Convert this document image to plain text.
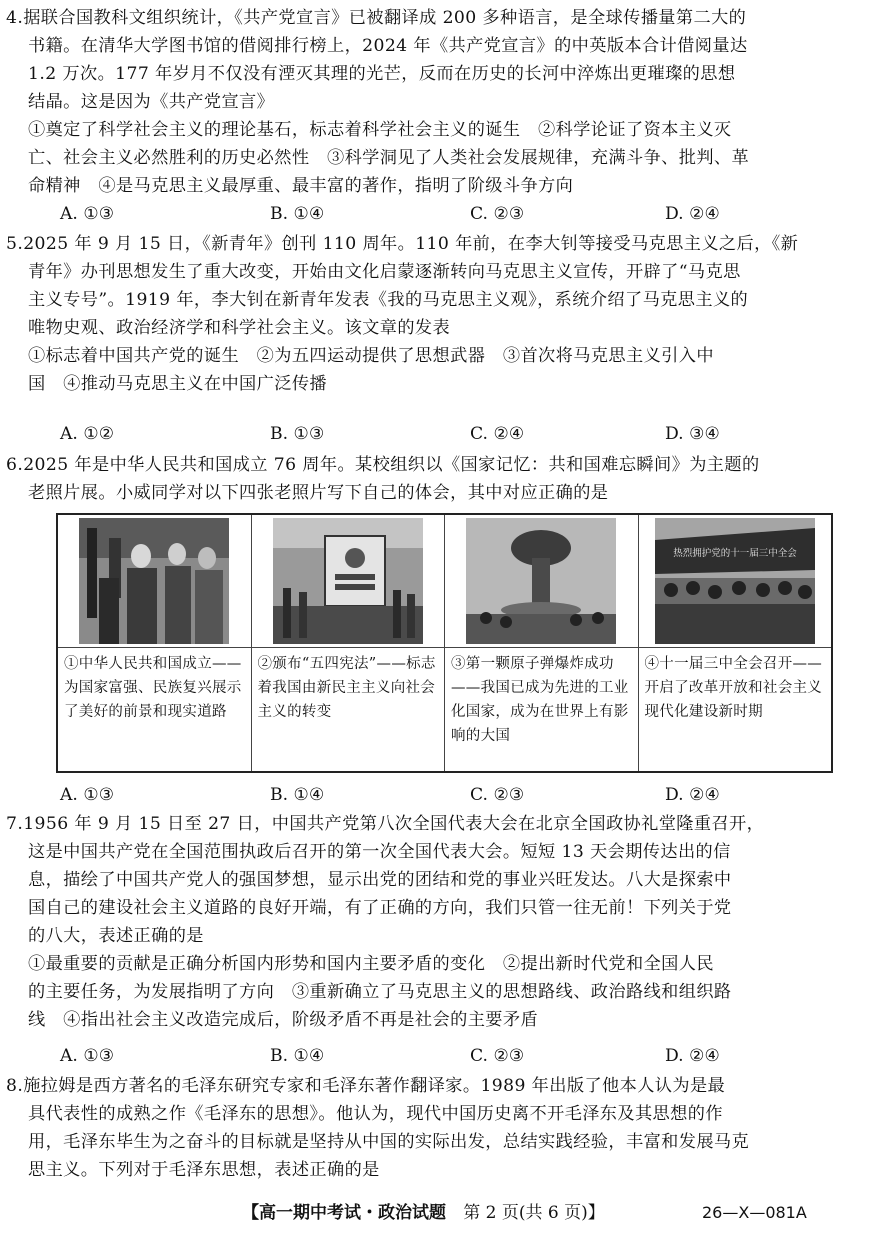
4.据联合国教科文组织统计，《共产党宣言》已被翻译成 200 多种语言，是全球传播量第二大的
书籍。在清华大学图书馆的借阅排行榜上，2024 年《共产党宣言》的中英版本合计借阅量达
1.2 万次。177 年岁月不仅没有湮灭其理的光芒，反而在历史的长河中淬炼出更璀璨的思想
结晶。这是因为《共产党宣言》
①奠定了科学社会主义的理论基石，标志着科学社会主义的诞生　②科学论证了资本主义灭
亡、社会主义必然胜利的历史必然性　③科学洞见了人类社会发展规律，充满斗争、批判、革
命精神　④是马克思主义最厚重、最丰富的著作，指明了阶级斗争方向
A. ①③	B. ①④	C. ②③	D. ②④
5.2025 年 9 月 15 日，《新青年》创刊 110 周年。110 年前，在李大钊等接受马克思主义之后，《新
青年》办刊思想发生了重大改变，开始由文化启蒙逐渐转向马克思主义宣传，开辟了“马克思
主义专号”。1919 年，李大钊在新青年发表《我的马克思主义观》，系统介绍了马克思主义的
唯物史观、政治经济学和科学社会主义。该文章的发表
①标志着中国共产党的诞生　②为五四运动提供了思想武器　③首次将马克思主义引入中
国　④推动马克思主义在中国广泛传播
A. ①②	B. ①③	C. ②④	D. ③④
6.2025 年是中华人民共和国成立 76 周年。某校组织以《国家记忆：共和国难忘瞬间》为主题的
老照片展。小威同学对以下四张老照片写下自己的体会，其中对应正确的是
①中华人民共和国成立——为国家富强、民族复兴展示了美好的前景和现实道路
②颁布“五四宪法”——标志着我国由新民主主义向社会主义的转变
③第一颗原子弹爆炸成功——我国已成为先进的工业化国家，成为在世界上有影响的大国
热烈拥护党的十一届三中全会
④十一届三中全会召开——开启了改革开放和社会主义现代化建设新时期
A. ①③	B. ①④	C. ②③	D. ②④
7.1956 年 9 月 15 日至 27 日，中国共产党第八次全国代表大会在北京全国政协礼堂隆重召开，
这是中国共产党在全国范围执政后召开的第一次全国代表大会。短短 13 天会期传达出的信
息，描绘了中国共产党人的强国梦想，显示出党的团结和党的事业兴旺发达。八大是探索中
国自己的建设社会主义道路的良好开端，有了正确的方向，我们只管一往无前！下列关于党
的八大，表述正确的是
①最重要的贡献是正确分析国内形势和国内主要矛盾的变化　②提出新时代党和全国人民
的主要任务，为发展指明了方向　③重新确立了马克思主义的思想路线、政治路线和组织路
线　④指出社会主义改造完成后，阶级矛盾不再是社会的主要矛盾
A. ①③	B. ①④	C. ②③	D. ②④
8.施拉姆是西方著名的毛泽东研究专家和毛泽东著作翻译家。1989 年出版了他本人认为是最
具代表性的成熟之作《毛泽东的思想》。他认为，现代中国历史离不开毛泽东及其思想的作
用，毛泽东毕生为之奋斗的目标就是坚持从中国的实际出发，总结实践经验，丰富和发展马克
思主义。下列对于毛泽东思想，表述正确的是
【高一期中考试・政治试题 第 2 页(共 6 页)】	26—X—081A
